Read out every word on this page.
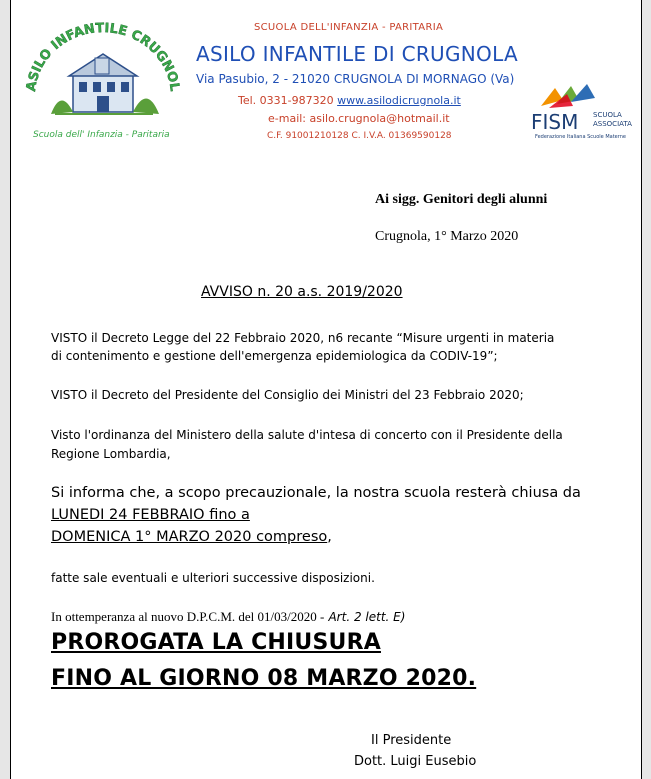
ASILO INFANTILE CRUGNOL
Scuola dell' Infanzia - Paritaria
SCUOLA DELL'INFANZIA - PARITARIA
ASILO INFANTILE DI CRUGNOLA
Via Pasubio, 2 - 21020 CRUGNOLA DI MORNAGO (Va)
Tel. 0331-987320 www.asilodicrugnola.it
e-mail: asilo.crugnola@hotmail.it
C.F. 91001210128 C. I.V.A. 01369590128
FISM SCUOLA
ASSOCIATA
Federazione Italiana Scuole Materne
Ai sigg. Genitori degli alunni
Crugnola, 1° Marzo 2020
AVVISO n. 20 a.s. 2019/2020
VISTO il Decreto Legge del 22 Febbraio 2020, n6 recante “Misure urgenti in materia
di contenimento e gestione dell'emergenza epidemiologica da CODIV-19”;
VISTO il Decreto del Presidente del Consiglio dei Ministri del 23 Febbraio 2020;
Visto l'ordinanza del Ministero della salute d'intesa di concerto con il Presidente della
Regione Lombardia,
Si informa che, a scopo precauzionale, la nostra scuola resterà chiusa da
LUNEDI 24 FEBBRAIO fino a
DOMENICA 1° MARZO 2020 compreso,
fatte sale eventuali e ulteriori successive disposizioni.
In ottemperanza al nuovo D.P.C.M. del 01/03/2020 - Art. 2 lett. E)
PROROGATA LA CHIUSURA
FINO AL GIORNO 08 MARZO 2020.
Il Presidente
Dott. Luigi Eusebio
